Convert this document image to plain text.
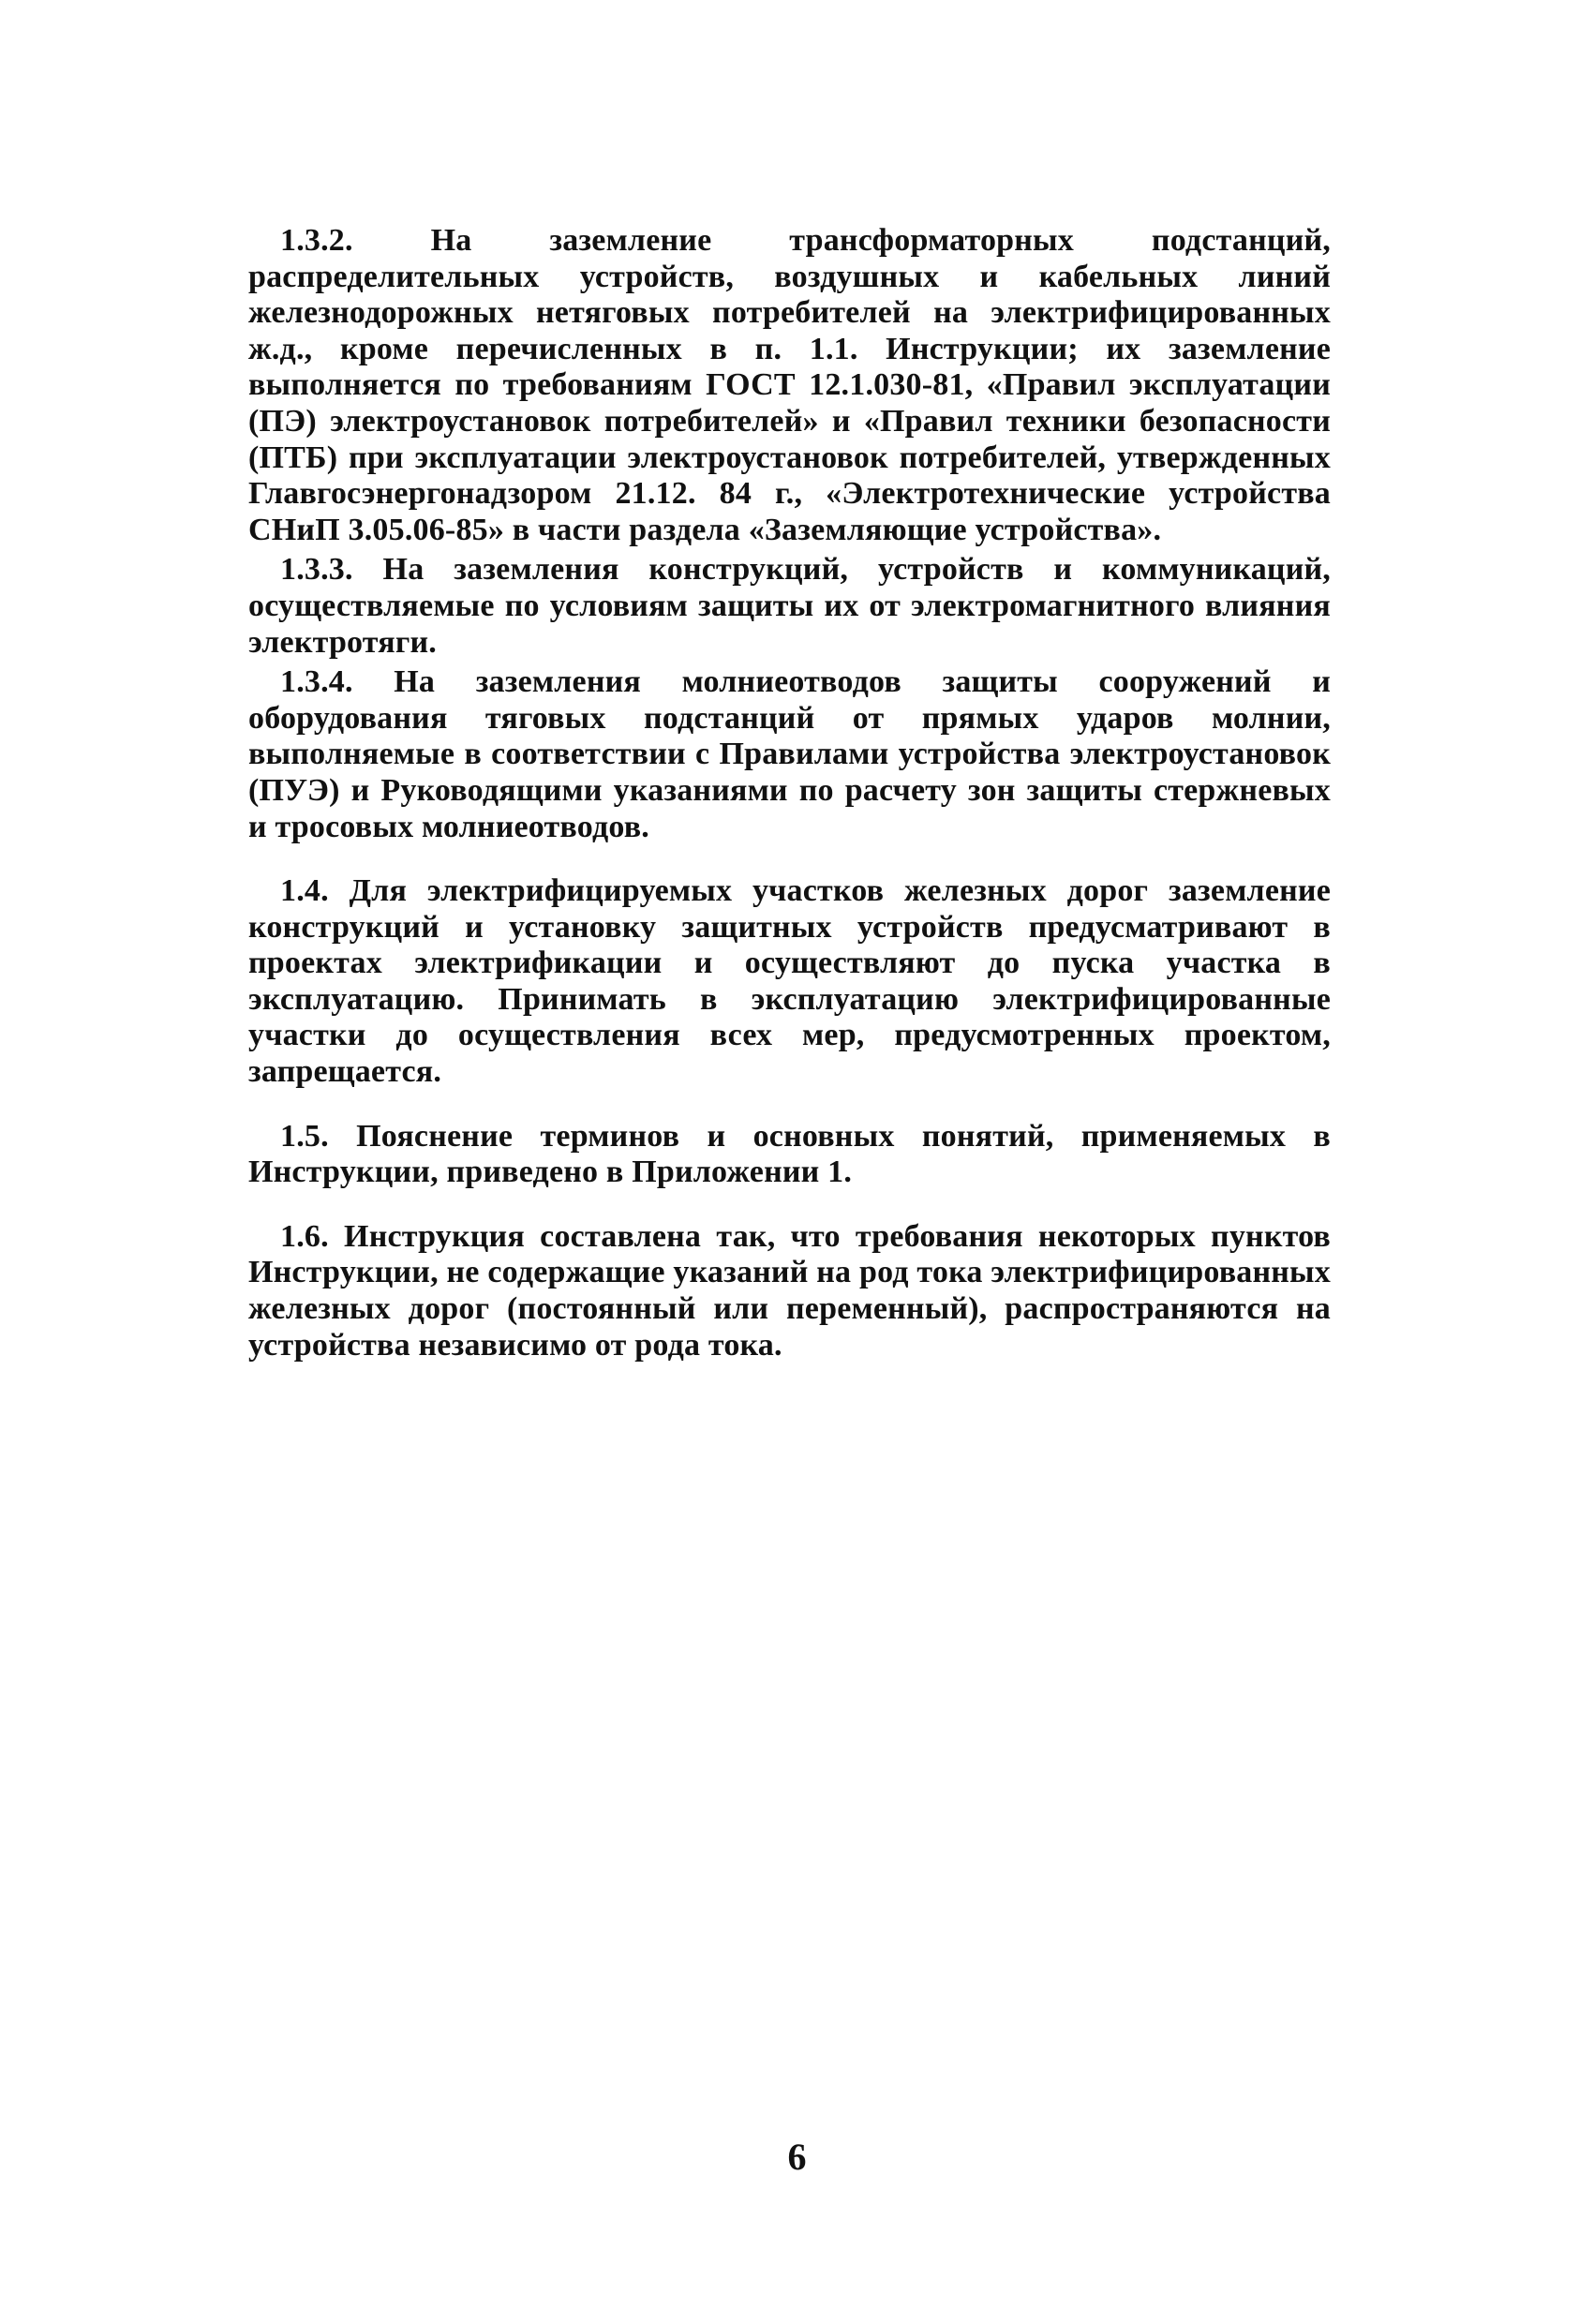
1.3.2. На заземление трансформаторных подстанций, распределительных устройств, воздушных и кабельных линий железнодорожных нетяговых потребителей на электрифицированных ж.д., кроме перечисленных в п. 1.1. Инструкции; их заземление выполняется по требованиям ГОСТ 12.1.030-81, «Правил эксплуатации (ПЭ) электроустановок потребителей» и «Правил техники безопасности (ПТБ) при эксплуатации электроустановок потребителей, утвержденных Главгосэнергонадзором 21.12. 84 г., «Электротехнические устройства СНиП 3.05.06-85» в части раздела «Заземляющие устройства».

1.3.3. На заземления конструкций, устройств и коммуникаций, осуществляемые по условиям защиты их от электромагнитного влияния электротяги.

1.3.4. На заземления молниеотводов защиты сооружений и оборудования тяговых подстанций от прямых ударов молнии, выполняемые в соответствии с Правилами устройства электроустановок (ПУЭ) и Руководящими указаниями по расчету зон защиты стержневых и тросовых молниеотводов.

1.4. Для электрифицируемых участков железных дорог заземление конструкций и установку защитных устройств предусматривают в проектах электрификации и осуществляют до пуска участка в эксплуатацию. Принимать в эксплуатацию электрифицированные участки до осуществления всех мер, предусмотренных проектом, запрещается.

1.5. Пояснение терминов и основных понятий, применяемых в Инструкции, приведено в Приложении 1.

1.6. Инструкция составлена так, что требования некоторых пунктов Инструкции, не содержащие указаний на род тока электрифицированных железных дорог (постоянный или переменный), распространяются на устройства независимо от рода тока.

6
